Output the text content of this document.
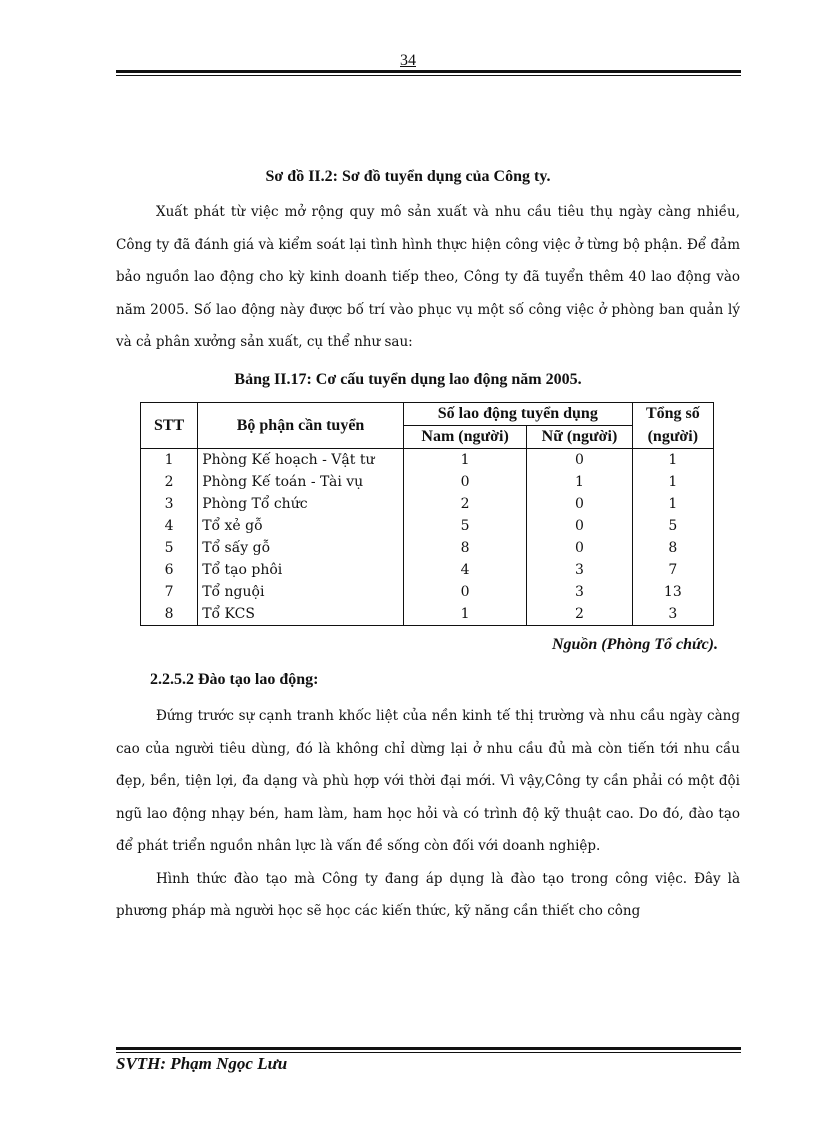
34
Sơ đồ II.2: Sơ đồ tuyển dụng của Công ty.

Xuất phát từ việc mở rộng quy mô sản xuất và nhu cầu tiêu thụ ngày càng nhiều, Công ty đã đánh giá và kiểm soát lại tình hình thực hiện công việc ở từng bộ phận. Để đảm bảo nguồn lao động cho kỳ kinh doanh tiếp theo, Công ty đã tuyển thêm 40 lao động vào năm 2005. Số lao động này được bố trí vào phục vụ một số công việc ở phòng ban quản lý và cả phân xưởng sản xuất, cụ thể như sau:

Bảng II.17: Cơ cấu tuyển dụng lao động năm 2005.
STT	Bộ phận cần tuyển	Số lao động tuyển dụng		Tổng số
		Nam (người)	Nữ (người)	(người)
1	Phòng Kế hoạch - Vật tư	1	0	1
2	Phòng Kế toán - Tài vụ	0	1	1
3	Phòng Tổ chức	2	0	1
4	Tổ xẻ gỗ	5	0	5
5	Tổ sấy gỗ	8	0	8
6	Tổ tạo phôi	4	3	7
7	Tổ nguội	0	3	13
8	Tổ KCS	1	2	3
Nguồn (Phòng Tổ chức).
2.2.5.2 Đào tạo lao động:

Đứng trước sự cạnh tranh khốc liệt của nền kinh tế thị trường và nhu cầu ngày càng cao của người tiêu dùng, đó là không chỉ dừng lại ở nhu cầu đủ mà còn tiến tới nhu cầu đẹp, bền, tiện lợi, đa dạng và phù hợp với thời đại mới. Vì vậy,Công ty cần phải có một đội ngũ lao động nhạy bén, ham làm, ham học hỏi và có trình độ kỹ thuật cao. Do đó, đào tạo để phát triển nguồn nhân lực là vấn đề sống còn đối với doanh nghiệp.

Hình thức đào tạo mà Công ty đang áp dụng là đào tạo trong công việc. Đây là phương pháp mà người học sẽ học các kiến thức, kỹ năng cần thiết cho công

SVTH: Phạm Ngọc Lưu
